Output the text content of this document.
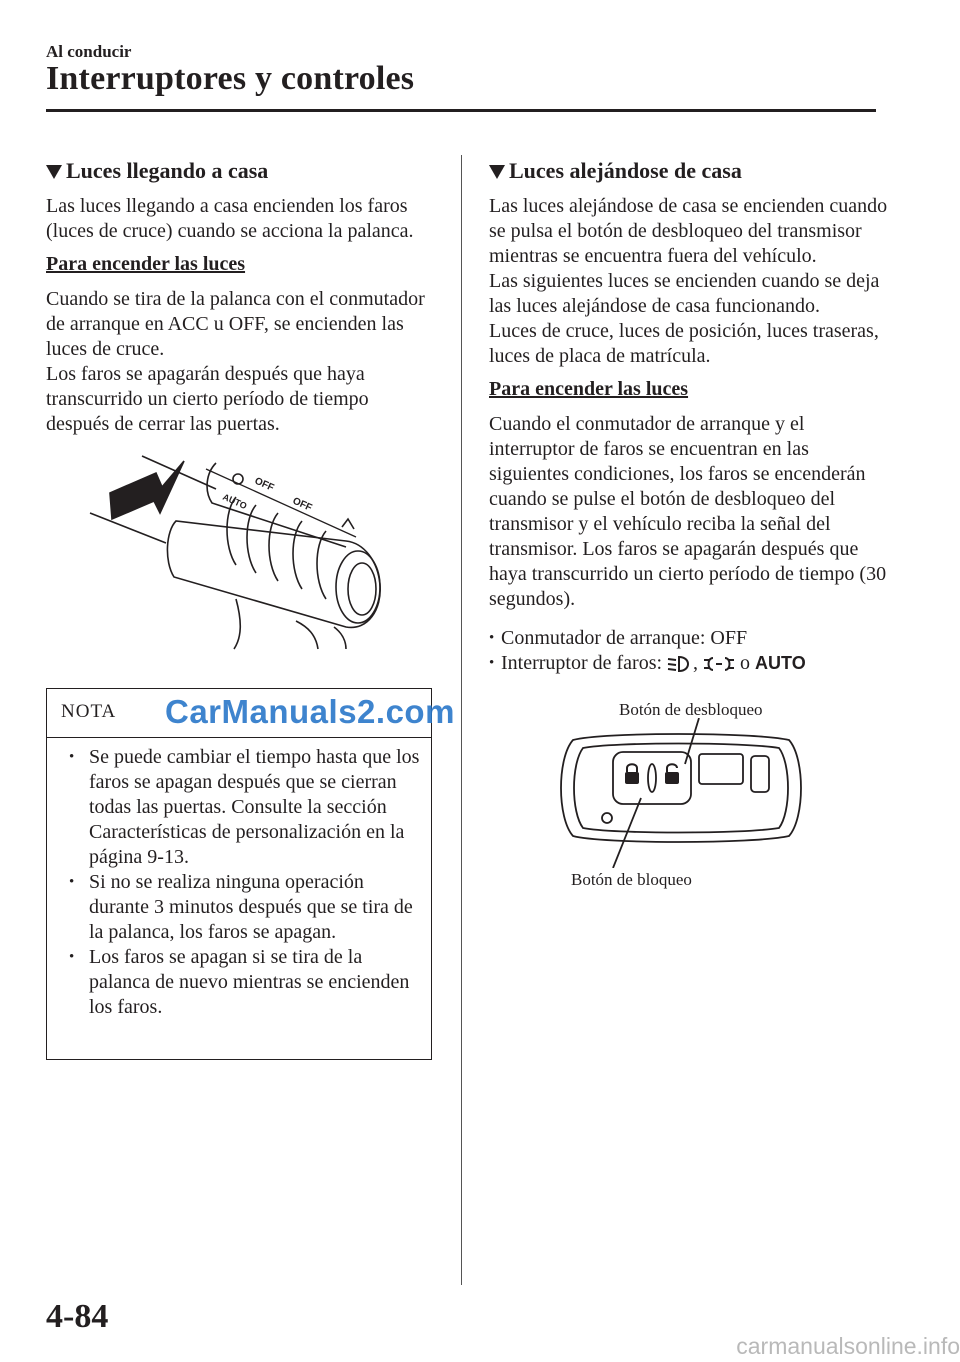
Al conducir
Interruptores y controles
Luces llegando a casa

Las luces llegando a casa encienden los faros (luces de cruce) cuando se acciona la palanca.

Para encender las luces

Cuando se tira de la palanca con el conmutador de arranque en ACC u OFF, se encienden las luces de cruce.

Los faros se apagarán después que haya transcurrido un cierto período de tiempo después de cerrar las puertas.

OFF
AUTO	OFF
NOTA CarManuals2.com
• Se puede cambiar el tiempo hasta que los faros se apagan después que se cierran todas las puertas. Consulte la sección Características de personalización en la página 9-13.
• Si no se realiza ninguna operación durante 3 minutos después que se tira de la palanca, los faros se apagan.
• Los faros se apagan si se tira de la palanca de nuevo mientras se encienden los faros.
Luces alejándose de casa

Las luces alejándose de casa se encienden cuando se pulsa el botón de desbloqueo del transmisor mientras se encuentra fuera del vehículo.

Las siguientes luces se encienden cuando se deja las luces alejándose de casa funcionando.

Luces de cruce, luces de posición, luces traseras, luces de placa de matrícula.

Para encender las luces

Cuando el conmutador de arranque y el interruptor de faros se encuentran en las siguientes condiciones, los faros se encenderán cuando se pulse el botón de desbloqueo del transmisor y el vehículo reciba la señal del transmisor. Los faros se apagarán después que haya transcurrido un cierto período de tiempo (30 segundos).

• Conmutador de arranque: OFF
• Interruptor de faros: ,  o AUTO
Botón de desbloqueo
Botón de bloqueo
4-84
carmanualsonline.info
